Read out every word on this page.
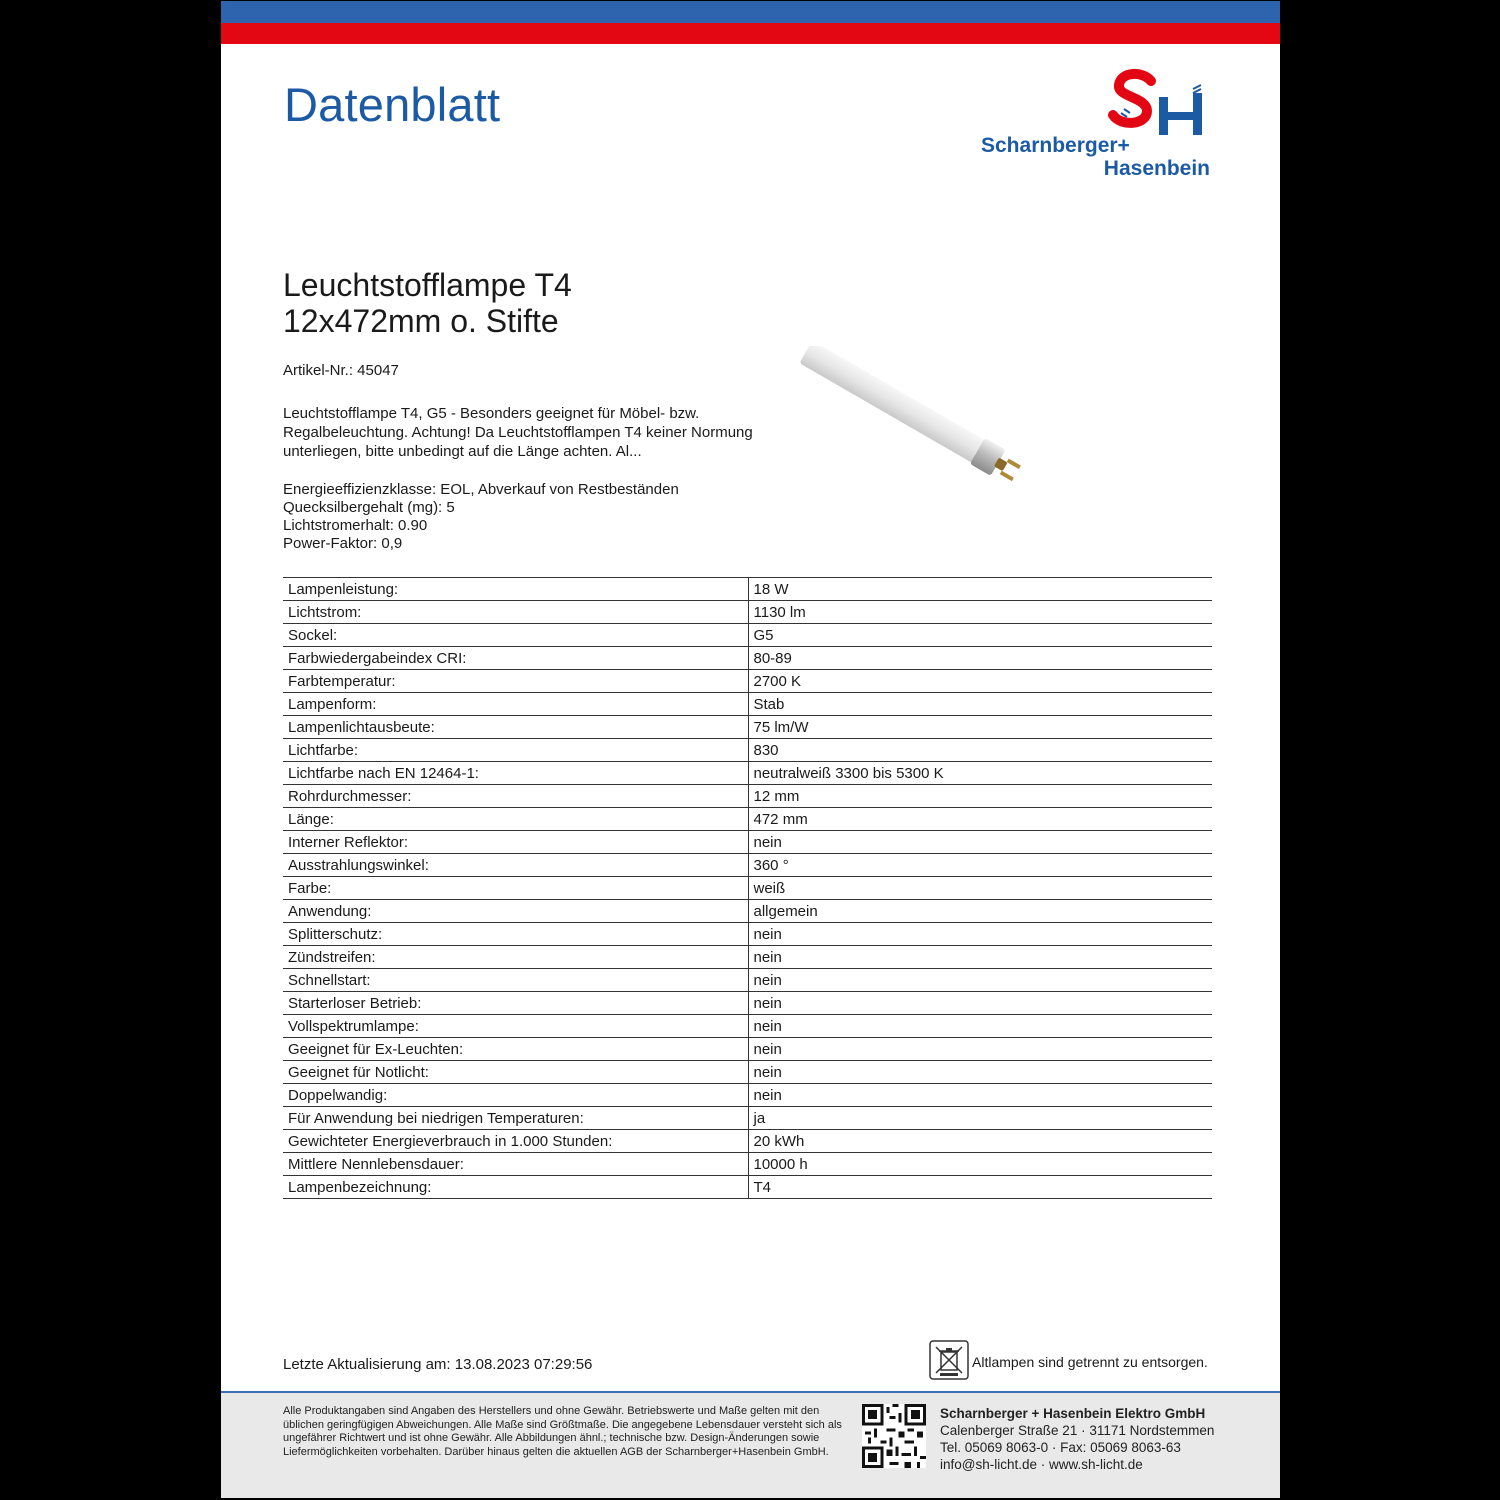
Datenblatt
Scharnberger+
Hasenbein
Leuchtstofflampe T4
12x472mm o. Stifte
Artikel-Nr.: 45047
Leuchtstofflampe T4, G5 - Besonders geeignet für Möbel- bzw. Regalbeleuchtung. Achtung! Da Leuchtstofflampen T4 keiner Normung unterliegen, bitte unbedingt auf die Länge achten. Al...
Energieeffizienzklasse: EOL, Abverkauf von Restbeständen
Quecksilbergehalt (mg): 5
Lichtstromerhalt: 0.90
Power-Faktor: 0,9
Lampenleistung:	18 W
Lichtstrom:	1130 lm
Sockel:	G5
Farbwiedergabeindex CRI:	80-89
Farbtemperatur:	2700 K
Lampenform:	Stab
Lampenlichtausbeute:	75 lm/W
Lichtfarbe:	830
Lichtfarbe nach EN 12464-1:	neutralweiß 3300 bis 5300 K
Rohrdurchmesser:	12 mm
Länge:	472 mm
Interner Reflektor:	nein
Ausstrahlungswinkel:	360 °
Farbe:	weiß
Anwendung:	allgemein
Splitterschutz:	nein
Zündstreifen:	nein
Schnellstart:	nein
Starterloser Betrieb:	nein
Vollspektrumlampe:	nein
Geeignet für Ex-Leuchten:	nein
Geeignet für Notlicht:	nein
Doppelwandig:	nein
Für Anwendung bei niedrigen Temperaturen:	ja
Gewichteter Energieverbrauch in 1.000 Stunden:	20 kWh
Mittlere Nennlebensdauer:	10000 h
Lampenbezeichnung:	T4
Letzte Aktualisierung am: 13.08.2023 07:29:56	Altlampen sind getrennt zu entsorgen.
Alle Produktangaben sind Angaben des Herstellers und ohne Gewähr. Betriebswerte und Maße gelten mit den üblichen geringfügigen Abweichungen. Alle Maße sind Größtmaße. Die angegebene Lebensdauer versteht sich als ungefährer Richtwert und ist ohne Gewähr. Alle Abbildungen ähnl.; technische bzw. Design-Änderungen sowie Liefermöglichkeiten vorbehalten. Darüber hinaus gelten die aktuellen AGB der Scharnberger+Hasenbein GmbH.
Scharnberger + Hasenbein Elektro GmbH
Calenberger Straße 21 · 31171 Nordstemmen
Tel. 05069 8063-0 · Fax: 05069 8063-63
info@sh-licht.de · www.sh-licht.de
